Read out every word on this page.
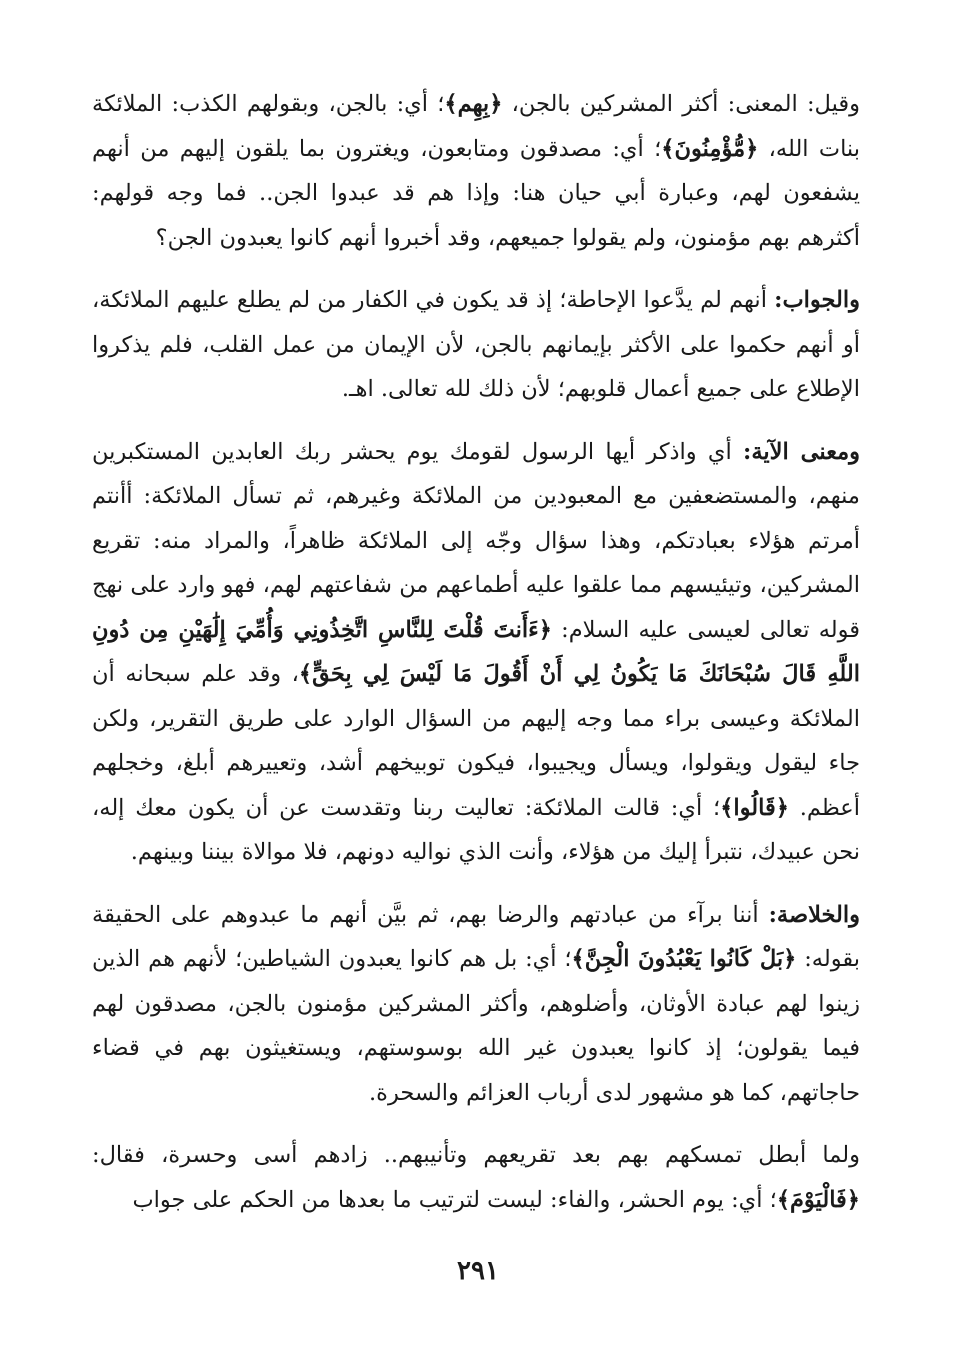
وقيل: المعنى: أكثر المشركين بالجن، ﴿بِهِم﴾؛ أي: بالجن، وبقولهم الكذب: الملائكة بنات الله، ﴿مُّؤْمِنُونَ﴾؛ أي: مصدقون ومتابعون، ويغترون بما يلقون إليهم من أنهم يشفعون لهم، وعبارة أبي حيان هنا: وإذا هم قد عبدوا الجن.. فما وجه قولهم: أكثرهم بهم مؤمنون، ولم يقولوا جميعهم، وقد أخبروا أنهم كانوا يعبدون الجن؟

والجواب: أنهم لم يدَّعوا الإحاطة؛ إذ قد يكون في الكفار من لم يطلع عليهم الملائكة، أو أنهم حكموا على الأكثر بإيمانهم بالجن، لأن الإيمان من عمل القلب، فلم يذكروا الإطلاع على جميع أعمال قلوبهم؛ لأن ذلك لله تعالى. اهـ.

ومعنى الآية: أي واذكر أيها الرسول لقومك يوم يحشر ربك العابدين المستكبرين منهم، والمستضعفين مع المعبودين من الملائكة وغيرهم، ثم تسأل الملائكة: أأنتم أمرتم هؤلاء بعبادتكم، وهذا سؤال وجّه إلى الملائكة ظاهراً، والمراد منه: تقريع المشركين، وتيئيسهم مما علقوا عليه أطماعهم من شفاعتهم لهم، فهو وارد على نهج قوله تعالى لعيسى عليه السلام: ﴿ءَأَنتَ قُلْتَ لِلنَّاسِ اتَّخِذُونِي وَأُمِّيَ إِلَٰهَيْنِ مِن دُونِ اللَّهِ قَالَ سُبْحَانَكَ مَا يَكُونُ لِي أَنْ أَقُولَ مَا لَيْسَ لِي بِحَقٍّ﴾، وقد علم سبحانه أن الملائكة وعيسى براء مما وجه إليهم من السؤال الوارد على طريق التقرير، ولكن جاء ليقول ويقولوا، ويسأل ويجيبوا، فيكون توبيخهم أشد، وتعييرهم أبلغ، وخجلهم أعظم. ﴿قَالُوا﴾؛ أي: قالت الملائكة: تعاليت ربنا وتقدست عن أن يكون معك إله، نحن عبيدك، نتبرأ إليك من هؤلاء، وأنت الذي نواليه دونهم، فلا موالاة بيننا وبينهم.

والخلاصة: أننا برآء من عبادتهم والرضا بهم، ثم بيَّن أنهم ما عبدوهم على الحقيقة بقوله: ﴿بَلْ كَانُوا يَعْبُدُونَ الْجِنَّ﴾؛ أي: بل هم كانوا يعبدون الشياطين؛ لأنهم هم الذين زينوا لهم عبادة الأوثان، وأضلوهم، وأكثر المشركين مؤمنون بالجن، مصدقون لهم فيما يقولون؛ إذ كانوا يعبدون غير الله بوسوستهم، ويستغيثون بهم في قضاء حاجاتهم، كما هو مشهور لدى أرباب العزائم والسحرة.

ولما أبطل تمسكهم بهم بعد تقريعهم وتأنيبهم.. زادهم أسى وحسرة، فقال: ﴿فَالْيَوْمَ﴾؛ أي: يوم الحشر، والفاء: ليست لترتيب ما بعدها من الحكم على جواب

٢٩١
